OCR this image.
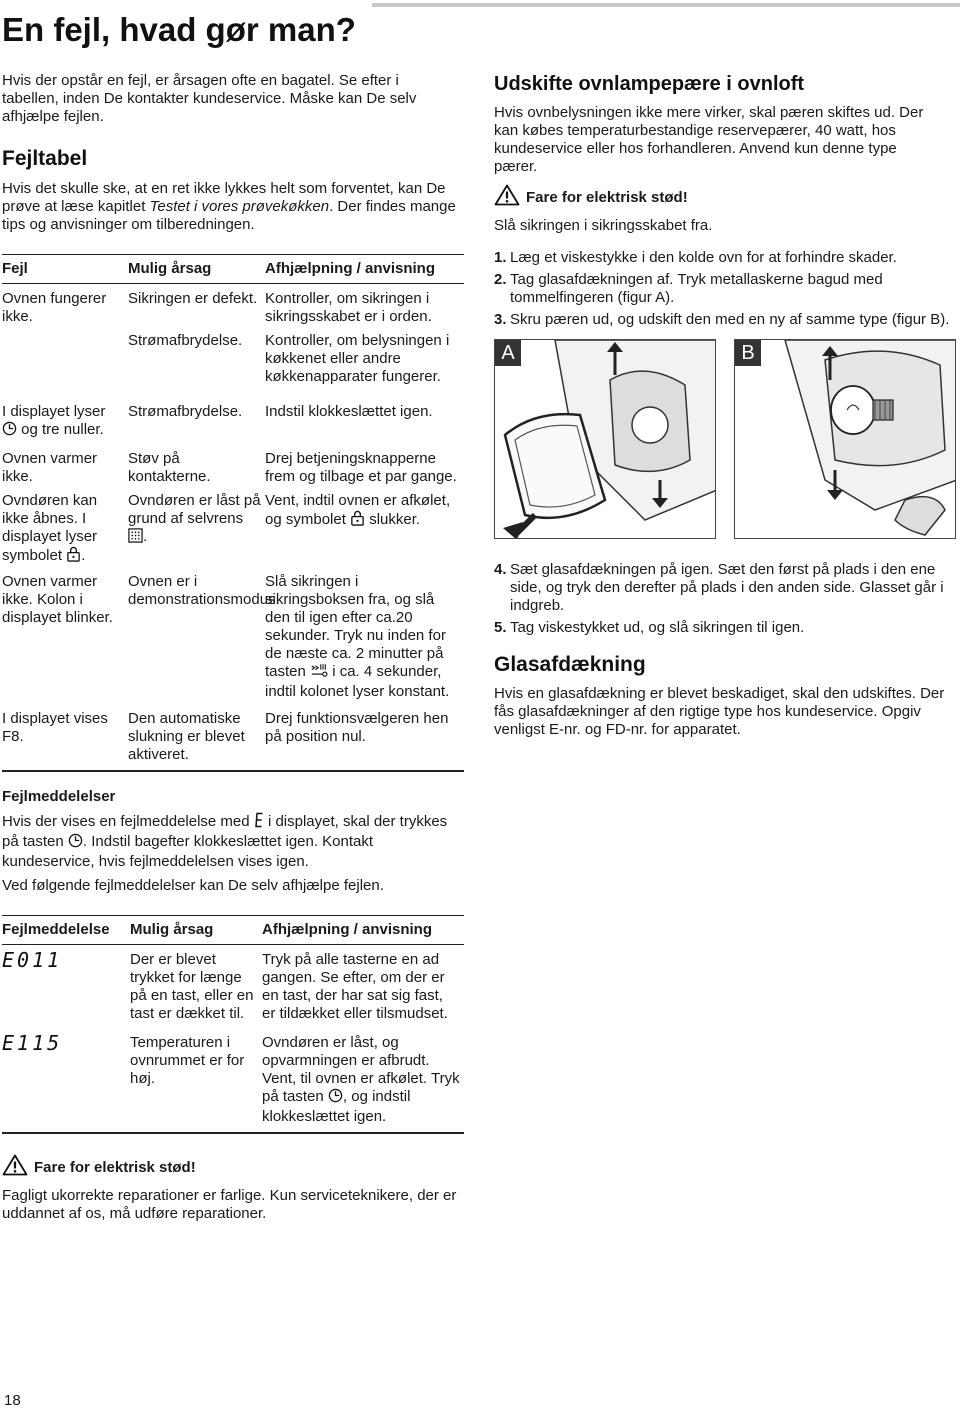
En fejl, hvad gør man?

Hvis der opstår en fejl, er årsagen ofte en bagatel. Se efter i tabellen, inden De kontakter kundeservice. Måske kan De selv afhjælpe fejlen.

Fejltabel

Hvis det skulle ske, at en ret ikke lykkes helt som forventet, kan De prøve at læse kapitlet Testet i vores prøvekøkken. Der findes mange tips og anvisninger om tilberedningen.

Fejl	Mulig årsag	Afhjælpning / anvisning
Ovnen fungerer ikke.	Sikringen er defekt.	Kontroller, om sikringen i sikringsskabet er i orden.
	Strømafbrydelse.	Kontroller, om belysningen i køkkenet eller andre køkkenapparater fungerer.
I displayet lyser  og tre nuller.	Strømafbrydelse.	Indstil klokkeslættet igen.
Ovnen varmer ikke.	Støv på kontakterne.	Drej betjeningsknapperne frem og tilbage et par gange.
Ovndøren kan ikke åbnes. I displayet lyser symbolet .	Ovndøren er låst på grund af selvrens .	Vent, indtil ovnen er afkølet, og symbolet  slukker.
Ovnen varmer ikke. Kolon i displayet blinker.	Ovnen er i demonstrationsmodus.	Slå sikringen i sikringsboksen fra, og slå den til igen efter ca.20 sekunder. Tryk nu inden for de næste ca. 2 minutter på tasten  i ca. 4 sekunder, indtil kolonet lyser konstant.
I displayet vises F8.	Den automatiske slukning er blevet aktiveret.	Drej funktionsvælgeren hen på position nul.
Fejlmeddelelser

Hvis der vises en fejlmeddelelse med  i displayet, skal der trykkes på tasten . Indstil bagefter klokkeslættet igen. Kontakt kundeservice, hvis fejlmeddelelsen vises igen.

Ved følgende fejlmeddelelser kan De selv afhjælpe fejlen.

Fejlmeddelelse	Mulig årsag	Afhjælpning / anvisning
E011	Der er blevet trykket for længe på en tast, eller en tast er dækket til.	Tryk på alle tasterne en ad gangen. Se efter, om der er en tast, der har sat sig fast, er tildækket eller tilsmudset.
E115	Temperaturen i ovnrummet er for høj.	Ovndøren er låst, og opvarmningen er afbrudt. Vent, til ovnen er afkølet. Tryk på tasten , og indstil klokkeslættet igen.
Fare for elektrisk stød!

Fagligt ukorrekte reparationer er farlige. Kun serviceteknikere, der er uddannet af os, må udføre reparationer.

Udskifte ovnlampepære i ovnloft

Hvis ovnbelysningen ikke mere virker, skal pæren skiftes ud. Der kan købes temperaturbestandige reservepærer, 40 watt, hos kundeservice eller hos forhandleren. Anvend kun denne type pærer.

Fare for elektrisk stød!

Slå sikringen i sikringsskabet fra.

1. Læg et viskestykke i den kolde ovn for at forhindre skader.
2. Tag glasafdækningen af. Tryk metallaskerne bagud med tommelfingeren (figur A).
3. Skru pæren ud, og udskift den med en ny af samme type (figur B).
A	B
4. Sæt glasafdækningen på igen. Sæt den først på plads i den ene side, og tryk den derefter på plads i den anden side. Glasset går i indgreb.
5. Tag viskestykket ud, og slå sikringen til igen.
Glasafdækning

Hvis en glasafdækning er blevet beskadiget, skal den udskiftes. Der fås glasafdækninger af den rigtige type hos kundeservice. Opgiv venligst E-nr. og FD-nr. for apparatet.

18
